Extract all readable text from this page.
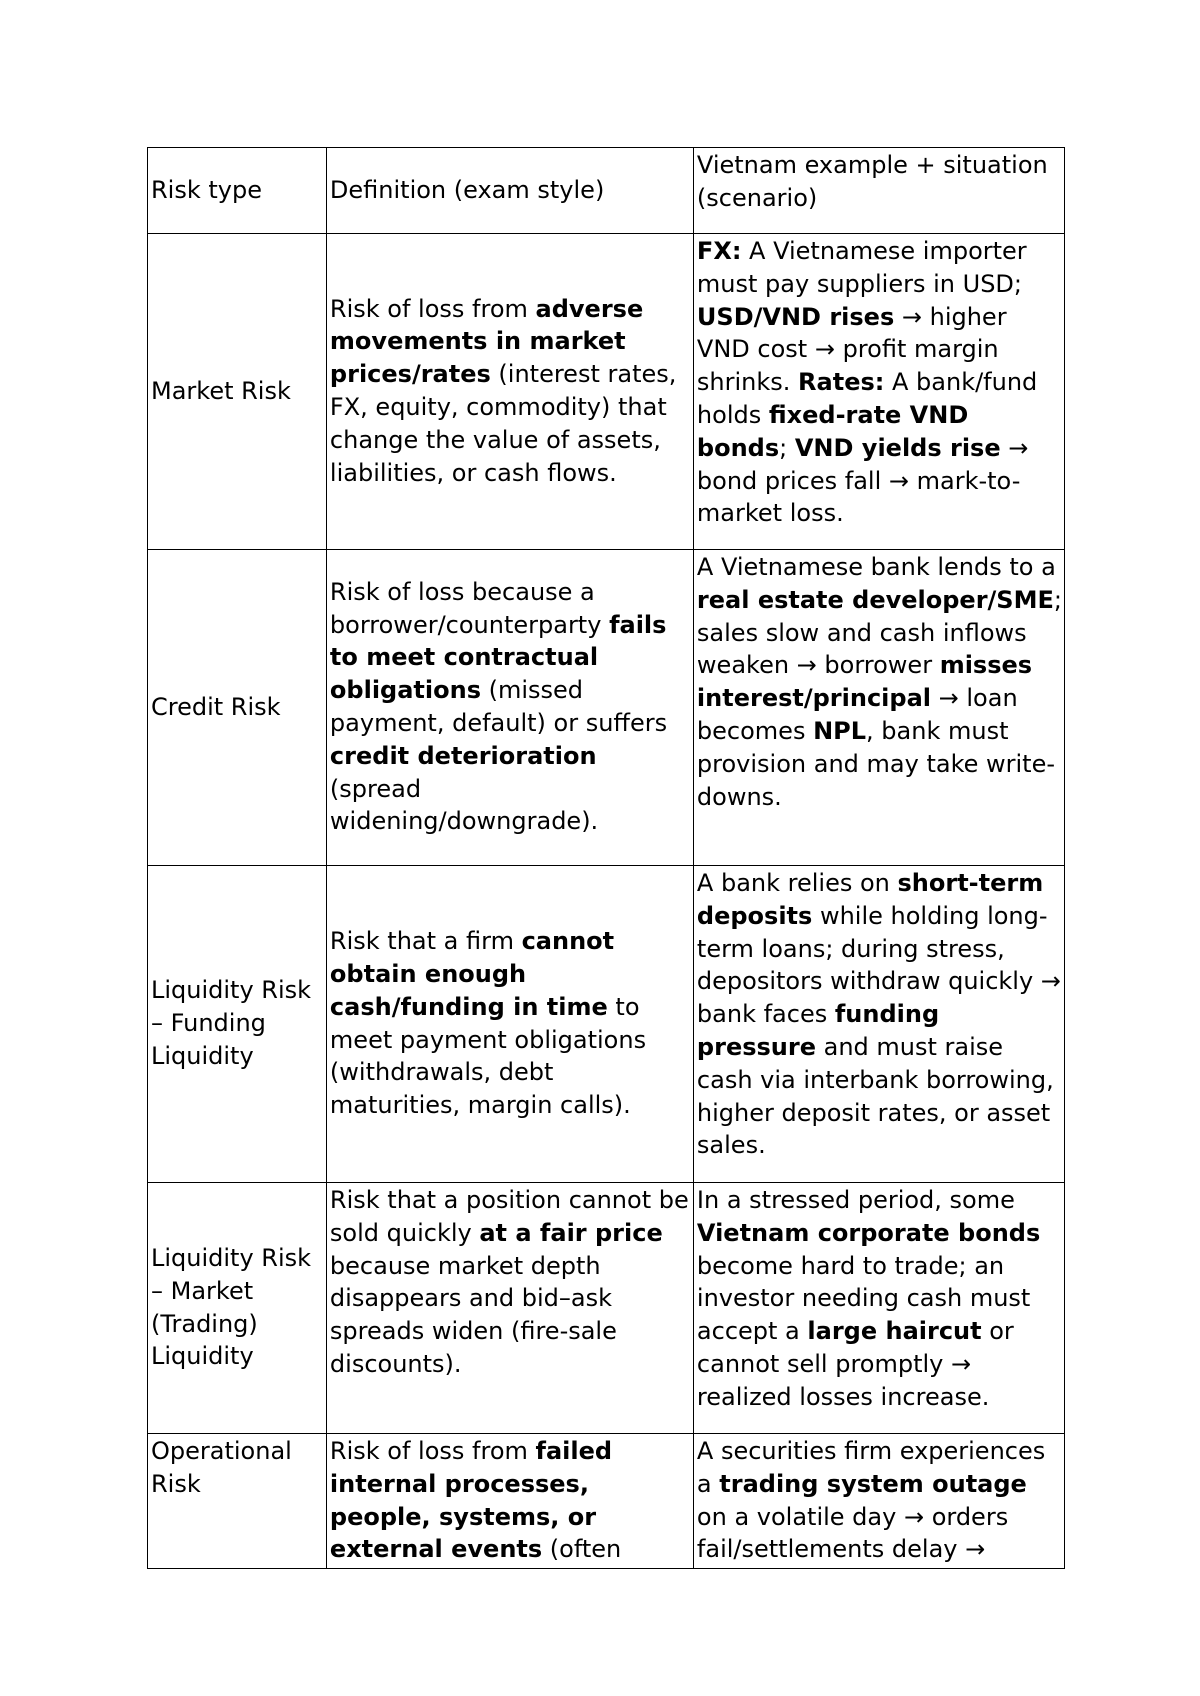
Risk type	Definition (exam style)	Vietnam example + situation (scenario)
Market Risk	Risk of loss from adverse movements in market prices/rates (interest rates, FX, equity, commodity) that change the value of assets, liabilities, or cash flows.	FX: A Vietnamese importer must pay suppliers in USD; USD/VND rises → higher VND cost → profit margin shrinks. Rates: A bank/fund holds fixed-rate VND bonds; VND yields rise → bond prices fall → mark-to-market loss.
Credit Risk	Risk of loss because a borrower/counterparty fails to meet contractual obligations (missed payment, default) or suffers credit deterioration (spread widening/downgrade).	A Vietnamese bank lends to a real estate developer/SME; sales slow and cash inflows weaken → borrower misses interest/principal → loan becomes NPL, bank must provision and may take write-downs.
Liquidity Risk – Funding Liquidity	Risk that a firm cannot obtain enough cash/funding in time to meet payment obligations (withdrawals, debt maturities, margin calls).	A bank relies on short-term deposits while holding long-term loans; during stress, depositors withdraw quickly → bank faces funding pressure and must raise cash via interbank borrowing, higher deposit rates, or asset sales.
Liquidity Risk – Market (Trading) Liquidity	Risk that a position cannot be sold quickly at a fair price because market depth disappears and bid–ask spreads widen (fire-sale discounts).	In a stressed period, some Vietnam corporate bonds become hard to trade; an investor needing cash must accept a large haircut or cannot sell promptly → realized losses increase.
Operational Risk	Risk of loss from failed internal processes, people, systems, or external events (often	A securities firm experiences a trading system outage on a volatile day → orders fail/settlements delay →
